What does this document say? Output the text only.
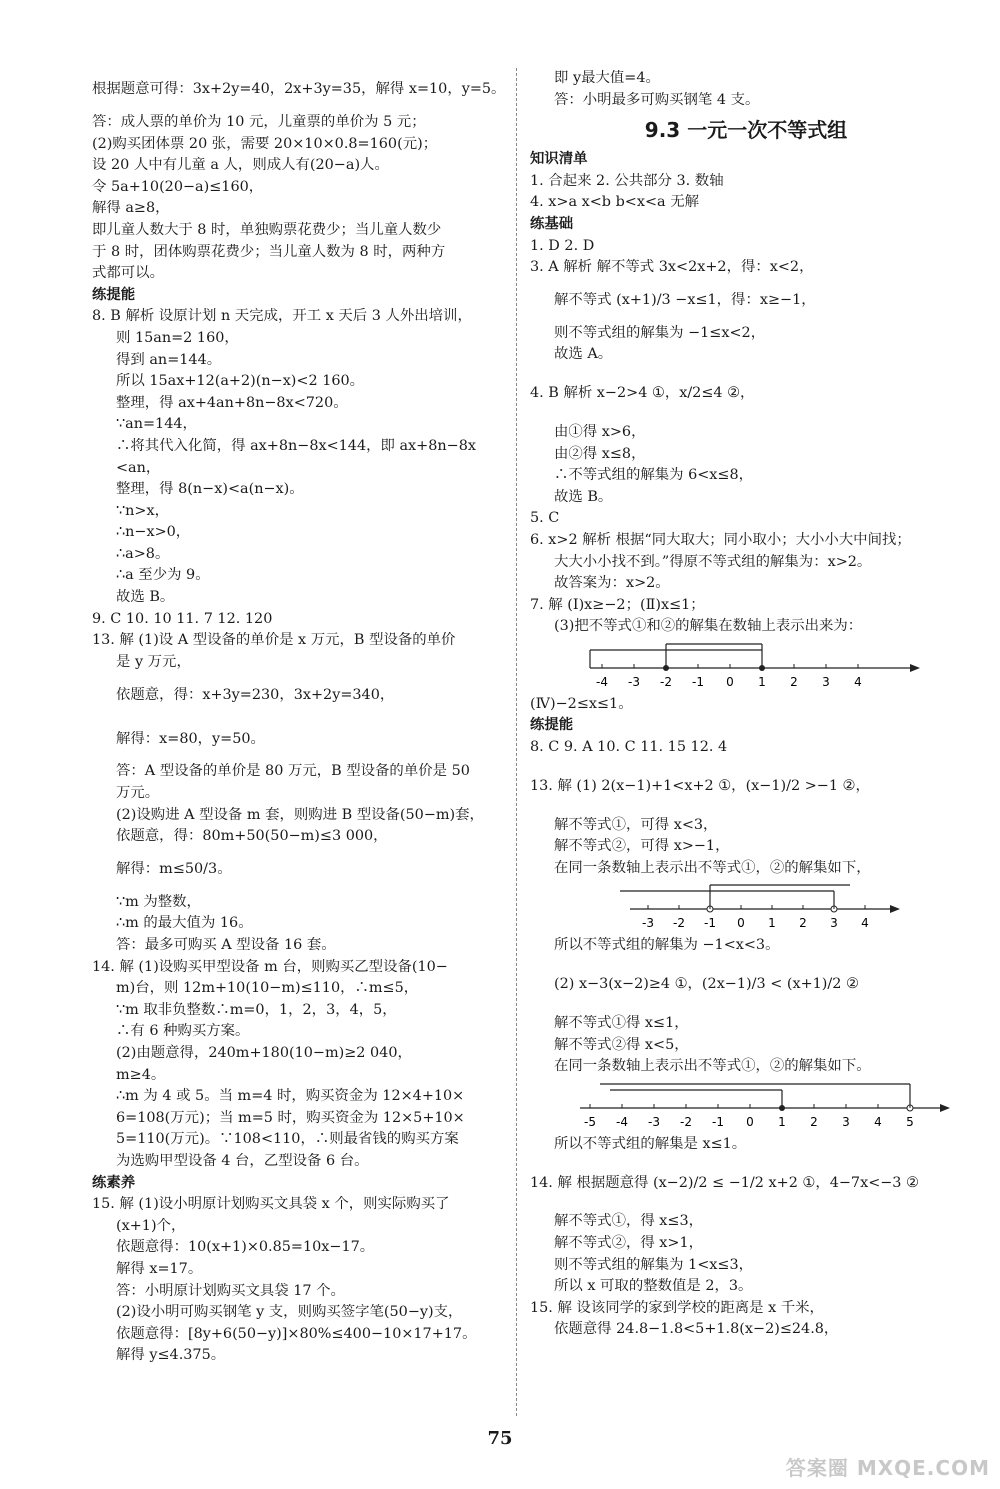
根据题意可得：3x+2y=40，2x+3y=35，解得 x=10，y=5。
答：成人票的单价为 10 元，儿童票的单价为 5 元；
(2)购买团体票 20 张，需要 20×10×0.8=160(元)；
设 20 人中有儿童 a 人，则成人有(20−a)人。
令 5a+10(20−a)≤160，
解得 a≥8，
即儿童人数大于 8 时，单独购票花费少；当儿童人数少
于 8 时，团体购票花费少；当儿童人数为 8 时，两种方
式都可以。
练提能
8. B 解析 设原计划 n 天完成，开工 x 天后 3 人外出培训，
则 15an=2 160，
得到 an=144。
所以 15ax+12(a+2)(n−x)<2 160。
整理，得 ax+4an+8n−8x<720。
∵an=144，
∴将其代入化简，得 ax+8n−8x<144，即 ax+8n−8x
<an，
整理，得 8(n−x)<a(n−x)。
∵n>x，
∴n−x>0，
∴a>8。
∴a 至少为 9。
故选 B。
9. C 10. 10 11. 7 12. 120
13. 解 (1)设 A 型设备的单价是 x 万元，B 型设备的单价
是 y 万元，
依题意，得：x+3y=230，3x+2y=340，
解得：x=80，y=50。
答：A 型设备的单价是 80 万元，B 型设备的单价是 50
万元。
(2)设购进 A 型设备 m 套，则购进 B 型设备(50−m)套，
依题意，得：80m+50(50−m)≤3 000，
解得：m≤50/3。
∵m 为整数，
∴m 的最大值为 16。
答：最多可购买 A 型设备 16 套。
14. 解 (1)设购买甲型设备 m 台，则购买乙型设备(10−
m)台，则 12m+10(10−m)≤110，∴m≤5，
∵m 取非负整数∴m=0，1，2，3，4，5，
∴有 6 种购买方案。
(2)由题意得，240m+180(10−m)≥2 040，
m≥4。
∴m 为 4 或 5。当 m=4 时，购买资金为 12×4+10×
6=108(万元)；当 m=5 时，购买资金为 12×5+10×
5=110(万元)。∵108<110，∴则最省钱的购买方案
为选购甲型设备 4 台，乙型设备 6 台。
练素养
15. 解 (1)设小明原计划购买文具袋 x 个，则实际购买了
(x+1)个，
依题意得：10(x+1)×0.85=10x−17。
解得 x=17。
答：小明原计划购买文具袋 17 个。
(2)设小明可购买钢笔 y 支，则购买签字笔(50−y)支，
依题意得：[8y+6(50−y)]×80%≤400−10×17+17。
解得 y≤4.375。
即 y最大值=4。
答：小明最多可购买钢笔 4 支。
9.3 一元一次不等式组
知识清单
1. 合起来 2. 公共部分 3. 数轴
4. x>a x<b b<x<a 无解
练基础
1. D 2. D
3. A 解析 解不等式 3x<2x+2，得：x<2，
解不等式 (x+1)/3 −x≤1，得：x≥−1，
则不等式组的解集为 −1≤x<2，
故选 A。
4. B 解析 x−2>4 ①，x/2≤4 ②，
由①得 x>6，
由②得 x≤8，
∴不等式组的解集为 6<x≤8，
故选 B。
5. C
6. x>2 解析 根据“同大取大；同小取小；大小小大中间找；
大大小小找不到。”得原不等式组的解集为：x>2。
故答案为：x>2。
7. 解 (Ⅰ)x≥−2；(Ⅱ)x≤1；
(3)把不等式①和②的解集在数轴上表示出来为：
-4 -3 -2 -1 0 1 2 3 4
(Ⅳ)−2≤x≤1。
练提能
8. C 9. A 10. C 11. 15 12. 4
13. 解 (1) 2(x−1)+1<x+2 ①，(x−1)/2 >−1 ②，
解不等式①，可得 x<3，
解不等式②，可得 x>−1，
在同一条数轴上表示出不等式①，②的解集如下，
-3 -2 -1 0 1 2 3 4
所以不等式组的解集为 −1<x<3。
(2) x−3(x−2)≥4 ①，(2x−1)/3 < (x+1)/2 ②
解不等式①得 x≤1，
解不等式②得 x<5，
在同一条数轴上表示出不等式①，②的解集如下。
-5 -4 -3 -2 -1 0 1 2 3 4 5
所以不等式组的解集是 x≤1。
14. 解 根据题意得 (x−2)/2 ≤ −1/2 x+2 ①，4−7x<−3 ②
解不等式①，得 x≤3，
解不等式②，得 x>1，
则不等式组的解集为 1<x≤3，
所以 x 可取的整数值是 2，3。
15. 解 设该同学的家到学校的距离是 x 千米，
依题意得 24.8−1.8<5+1.8(x−2)≤24.8，
75
答案圈 MXQE.COM
